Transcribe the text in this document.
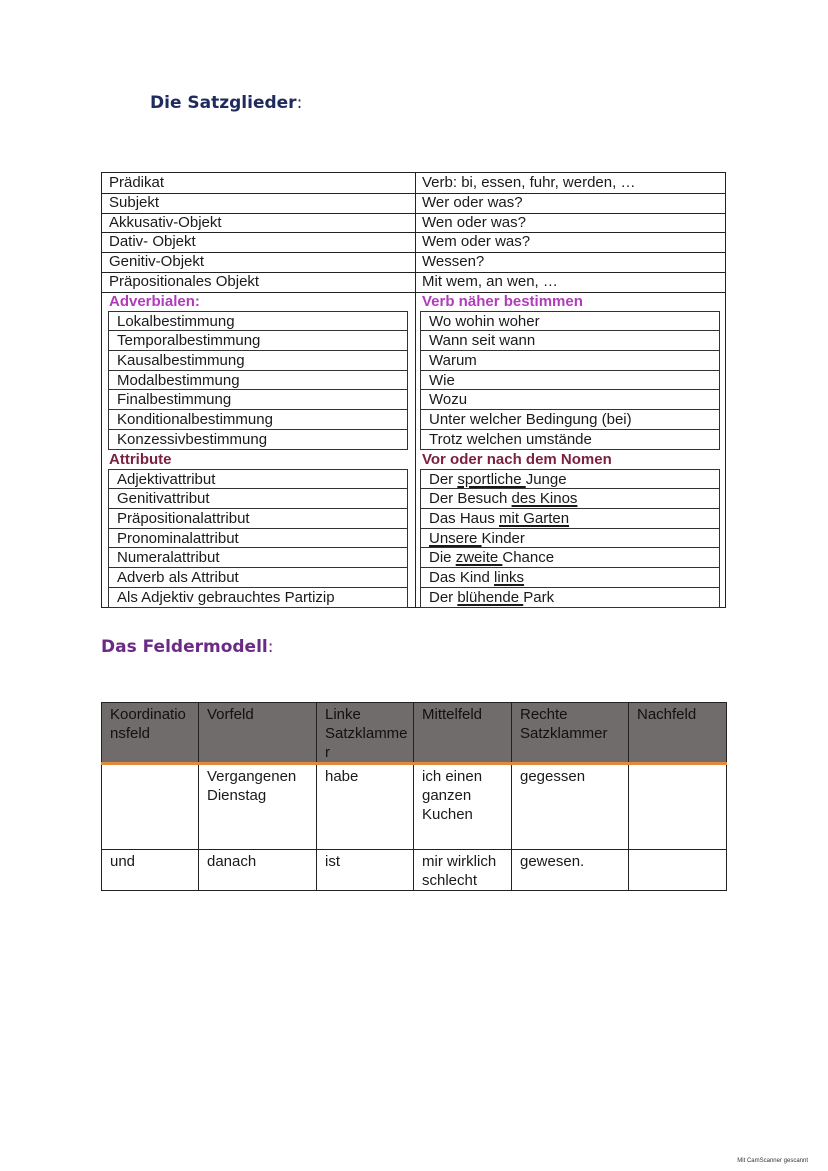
Die Satzglieder:
Prädikat	Verb: bi, essen, fuhr, werden, …
Subjekt	Wer oder was?
Akkusativ-Objekt	Wen oder was?
Dativ- Objekt	Wem oder was?
Genitiv-Objekt	Wessen?
Präpositionales Objekt	Mit wem, an wen, …
Adverbialen:	Verb näher bestimmen
Lokalbestimmung	Wo wohin woher
Temporalbestimmung	Wann seit wann
Kausalbestimmung	Warum
Modalbestimmung	Wie
Finalbestimmung	Wozu
Konditionalbestimmung	Unter welcher Bedingung (bei)
Konzessivbestimmung	Trotz welchen umstände
Attribute	Vor oder nach dem Nomen
Adjektivattribut	Der sportliche Junge
Genitivattribut	Der Besuch des Kinos
Präpositionalattribut	Das Haus mit Garten
Pronominalattribut	Unsere Kinder
Numeralattribut	Die zweite Chance
Adverb als Attribut	Das Kind links
Als Adjektiv gebrauchtes Partizip	Der blühende Park
Das Feldermodell:
Koordinationsfeld	Vorfeld	Linke Satzklammer	Mittelfeld	Rechte Satzklammer	Nachfeld
	Vergangenen Dienstag	habe	ich einen ganzen Kuchen	gegessen	
und	danach	ist	mir wirklich schlecht	gewesen.	
Mit CamScanner gescannt
